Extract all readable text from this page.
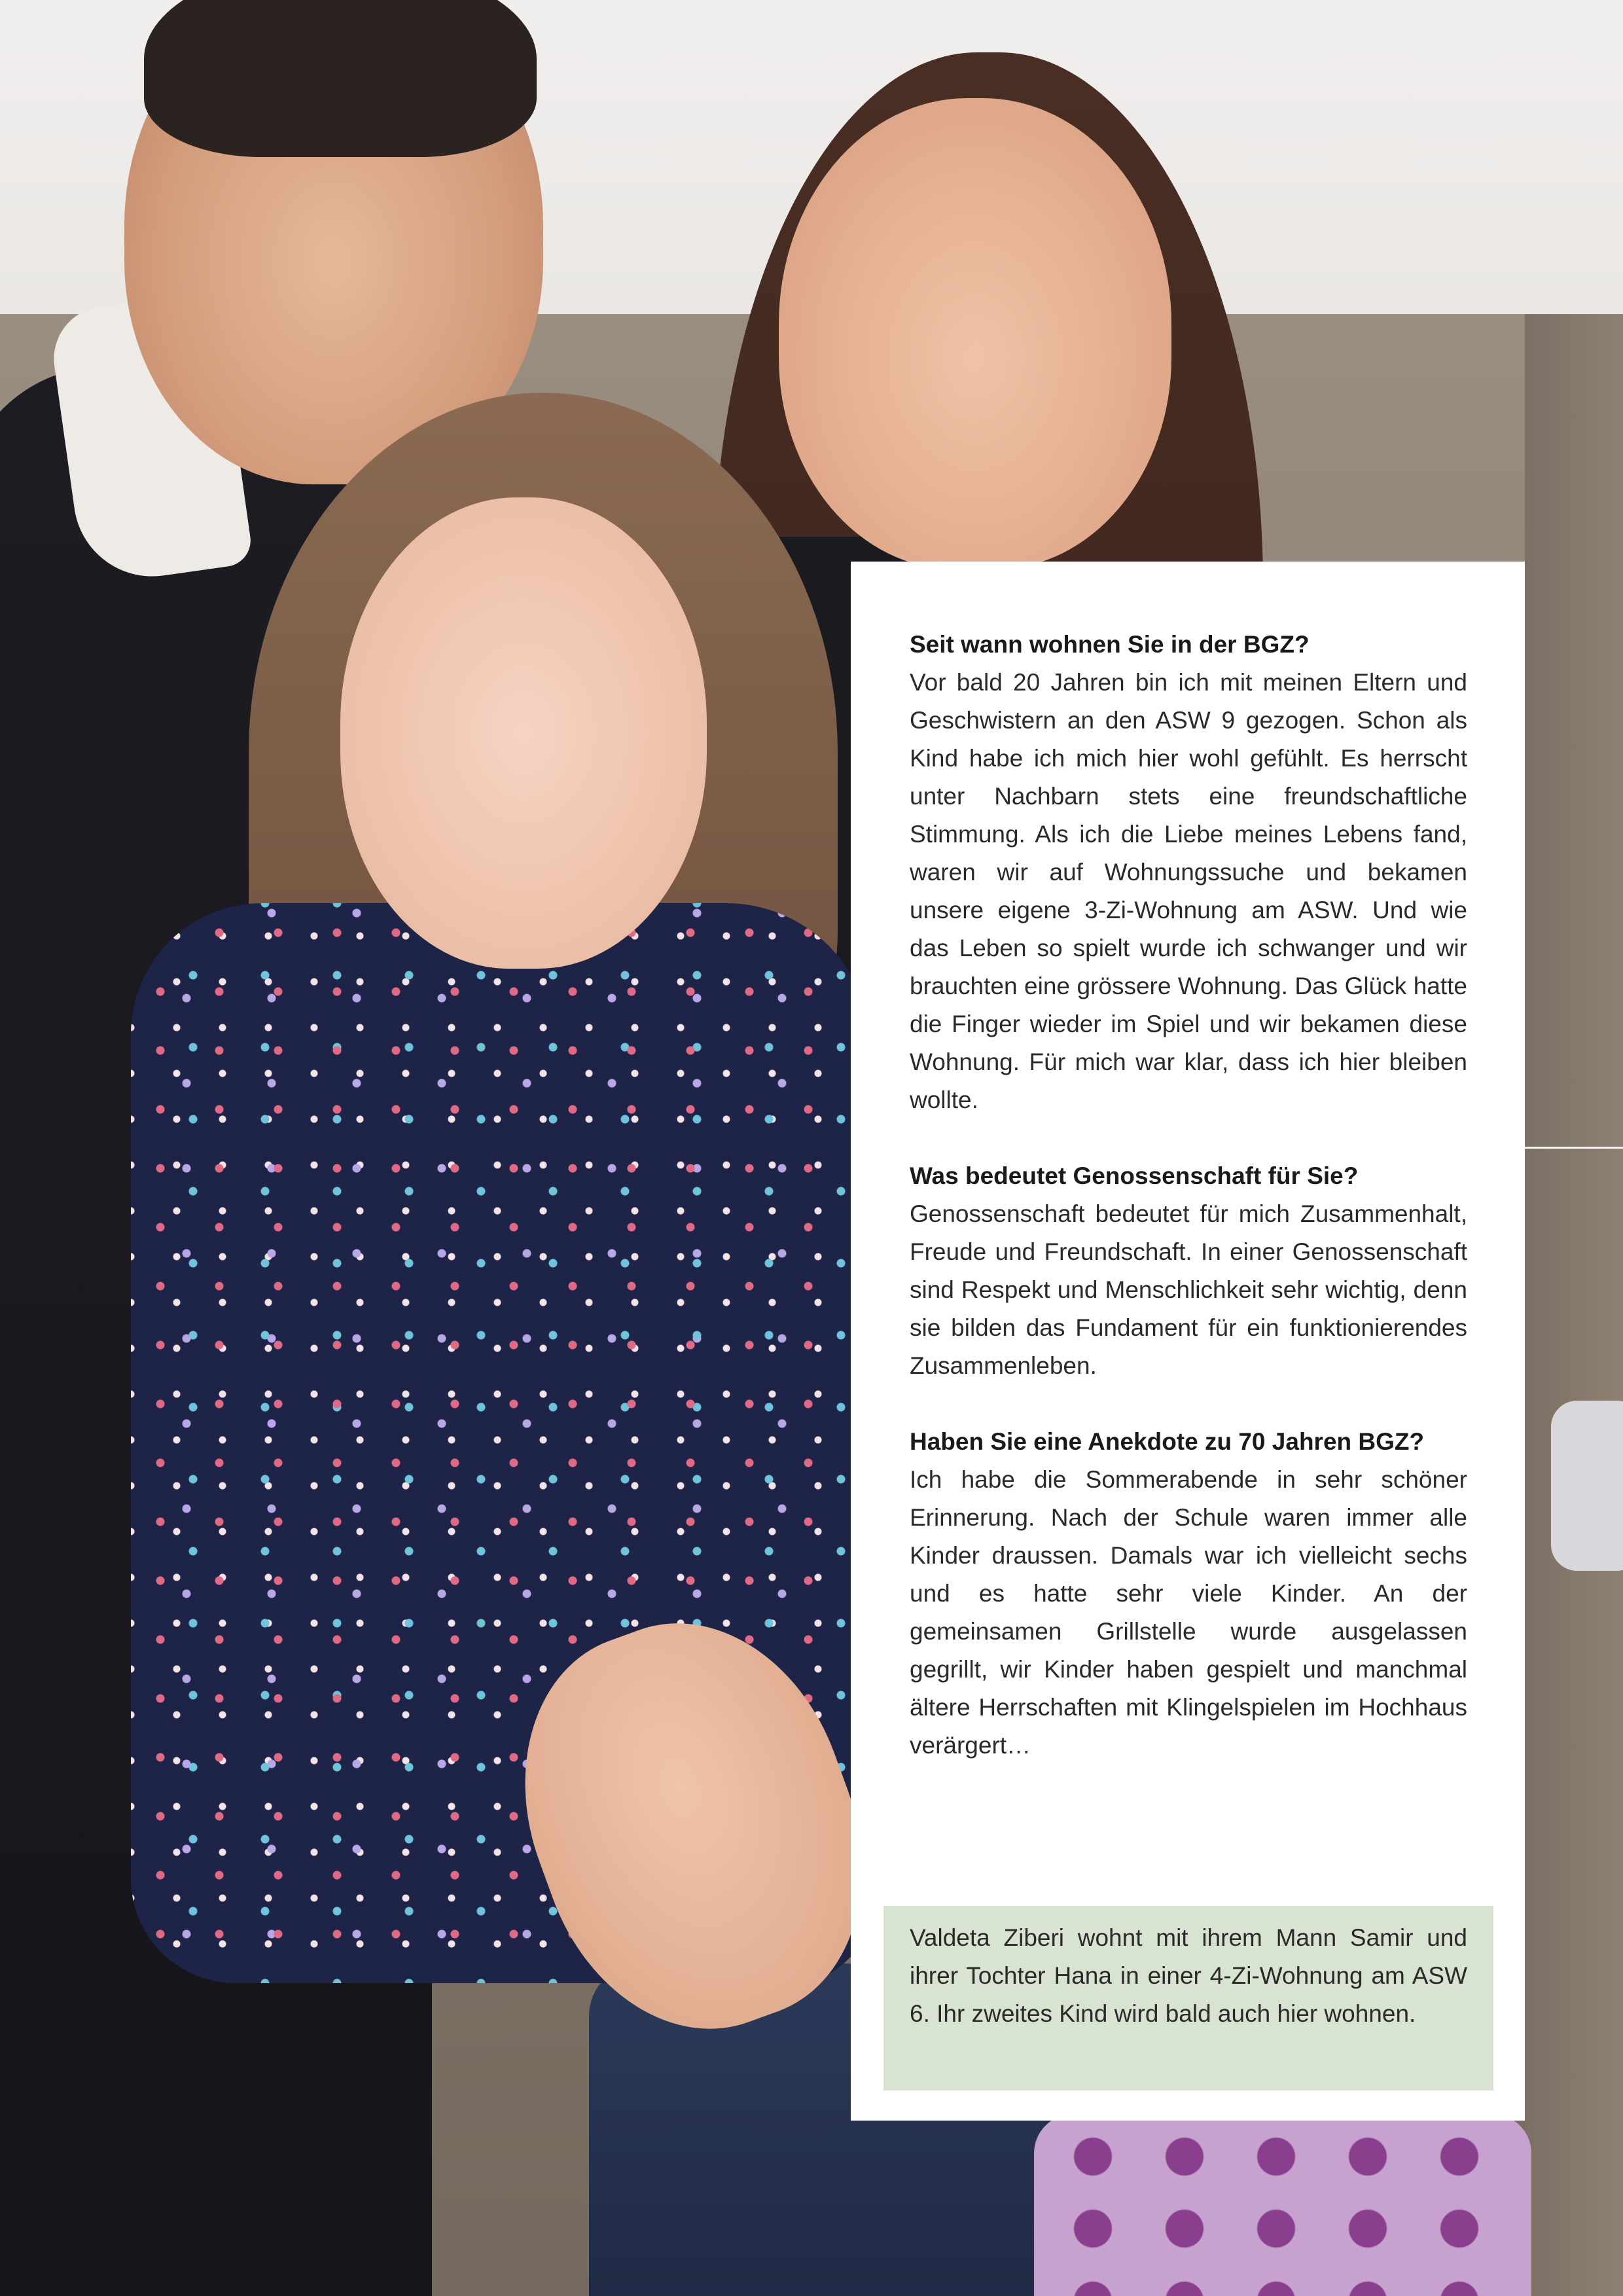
Seit wann wohnen Sie in der BGZ?
Vor bald 20 Jahren bin ich mit meinen Eltern und Geschwistern an den ASW 9 gezogen. Schon als Kind habe ich mich hier wohl gefühlt. Es herrscht unter Nachbarn stets eine freundschaftliche Stimmung. Als ich die Liebe meines Lebens fand, waren wir auf Wohnungssuche und bekamen unsere eigene 3-Zi-Wohnung am ASW. Und wie das Leben so spielt wurde ich schwanger und wir brauchten eine grössere Wohnung. Das Glück hatte die Finger wieder im Spiel und wir bekamen diese Wohnung. Für mich war klar, dass ich hier bleiben wollte.
Was bedeutet Genossenschaft für Sie?
Genossenschaft bedeutet für mich Zusammenhalt, Freude und Freundschaft. In einer Genossenschaft sind Respekt und Menschlichkeit sehr wichtig, denn sie bilden das Fundament für ein funktionierendes Zusammenleben.
Haben Sie eine Anekdote zu 70 Jahren BGZ?
Ich habe die Sommerabende in sehr schöner Erinnerung. Nach der Schule waren immer alle Kinder draussen. Damals war ich vielleicht sechs und es hatte sehr viele Kinder. An der gemeinsamen Grillstelle wurde ausgelassen gegrillt, wir Kinder haben gespielt und manchmal ältere Herrschaften mit Klingelspielen im Hochhaus verärgert…
Valdeta Ziberi wohnt mit ihrem Mann Samir und ihrer Tochter Hana in einer 4-Zi-Wohnung am ASW 6. Ihr zweites Kind wird bald auch hier wohnen.
